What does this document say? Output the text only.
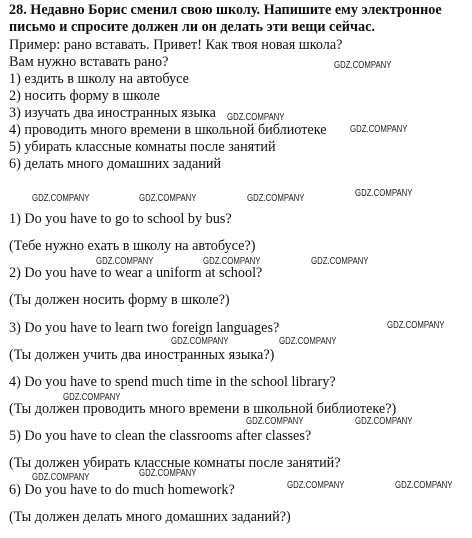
28. Недавно Борис сменил свою школу. Напишите ему электронное
письмо и спросите должен ли он делать эти вещи сейчас.
Пример: рано вставать. Привет! Как твоя новая школа?
Вам нужно вставать рано?
1) ездить в школу на автобусе
2) носить форму в школе
3) изучать два иностранных языка
4) проводить много времени в школьной библиотеке
5) убирать классные комнаты после занятий
6) делать много домашних заданий
1) Do you have to go to school by bus?
(Тебе нужно ехать в школу на автобусе?)
2) Do you have to wear a uniform at school?
(Ты должен носить форму в школе?)
3) Do you have to learn two foreign languages?
(Ты должен учить два иностранных языка?)
4) Do you have to spend much time in the school library?
(Ты должен проводить много времени в школьной библиотеке?)
5) Do you have to clean the classrooms after classes?
(Ты должен убирать классные комнаты после занятий?
6) Do you have to do much homework?
(Ты должен делать много домашних заданий?)
GDZ.COMPANY
GDZ.COMPANY
GDZ.COMPANY
GDZ.COMPANY	GDZ.COMPANY	GDZ.COMPANY	GDZ.COMPANY
GDZ.COMPANY	GDZ.COMPANY	GDZ.COMPANY
GDZ.COMPANY
GDZ.COMPANY	GDZ.COMPANY
GDZ.COMPANY
GDZ.COMPANY	GDZ.COMPANY
GDZ.COMPANY	GDZ.COMPANY
GDZ.COMPANY	GDZ.COMPANY
